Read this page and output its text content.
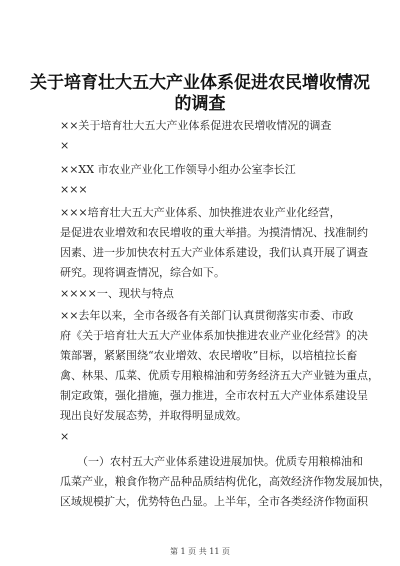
关于培育壮大五大产业体系促进农民增收情况
的调查
××关于培育壮大五大产业体系促进农民增收情况的调查
×
××XX 市农业产业化工作领导小组办公室李长江
×××
×××培育壮大五大产业体系、加快推进农业产业化经营，
是促进农业增效和农民增收的重大举措。为摸清情况、找准制约
因素、进一步加快农村五大产业体系建设，我们认真开展了调查
研究。现将调查情况，综合如下。
××××一、现状与特点
××去年以来，全市各级各有关部门认真贯彻落实市委、市政
府《关于培育壮大五大产业体系加快推进农业产业化经营》的决
策部署，紧紧围绕“农业增效、农民增收”目标，以培植拉长畜
禽、林果、瓜菜、优质专用粮棉油和劳务经济五大产业链为重点，
制定政策，强化措施，强力推进，全市农村五大产业体系建设呈
现出良好发展态势，并取得明显成效。
×
（一）农村五大产业体系建设进展加快。优质专用粮棉油和
瓜菜产业，粮食作物产品种品质结构优化，高效经济作物发展加快，
区域规模扩大，优势特色凸显。上半年，全市各类经济作物面积
第 1 页 共 11 页
